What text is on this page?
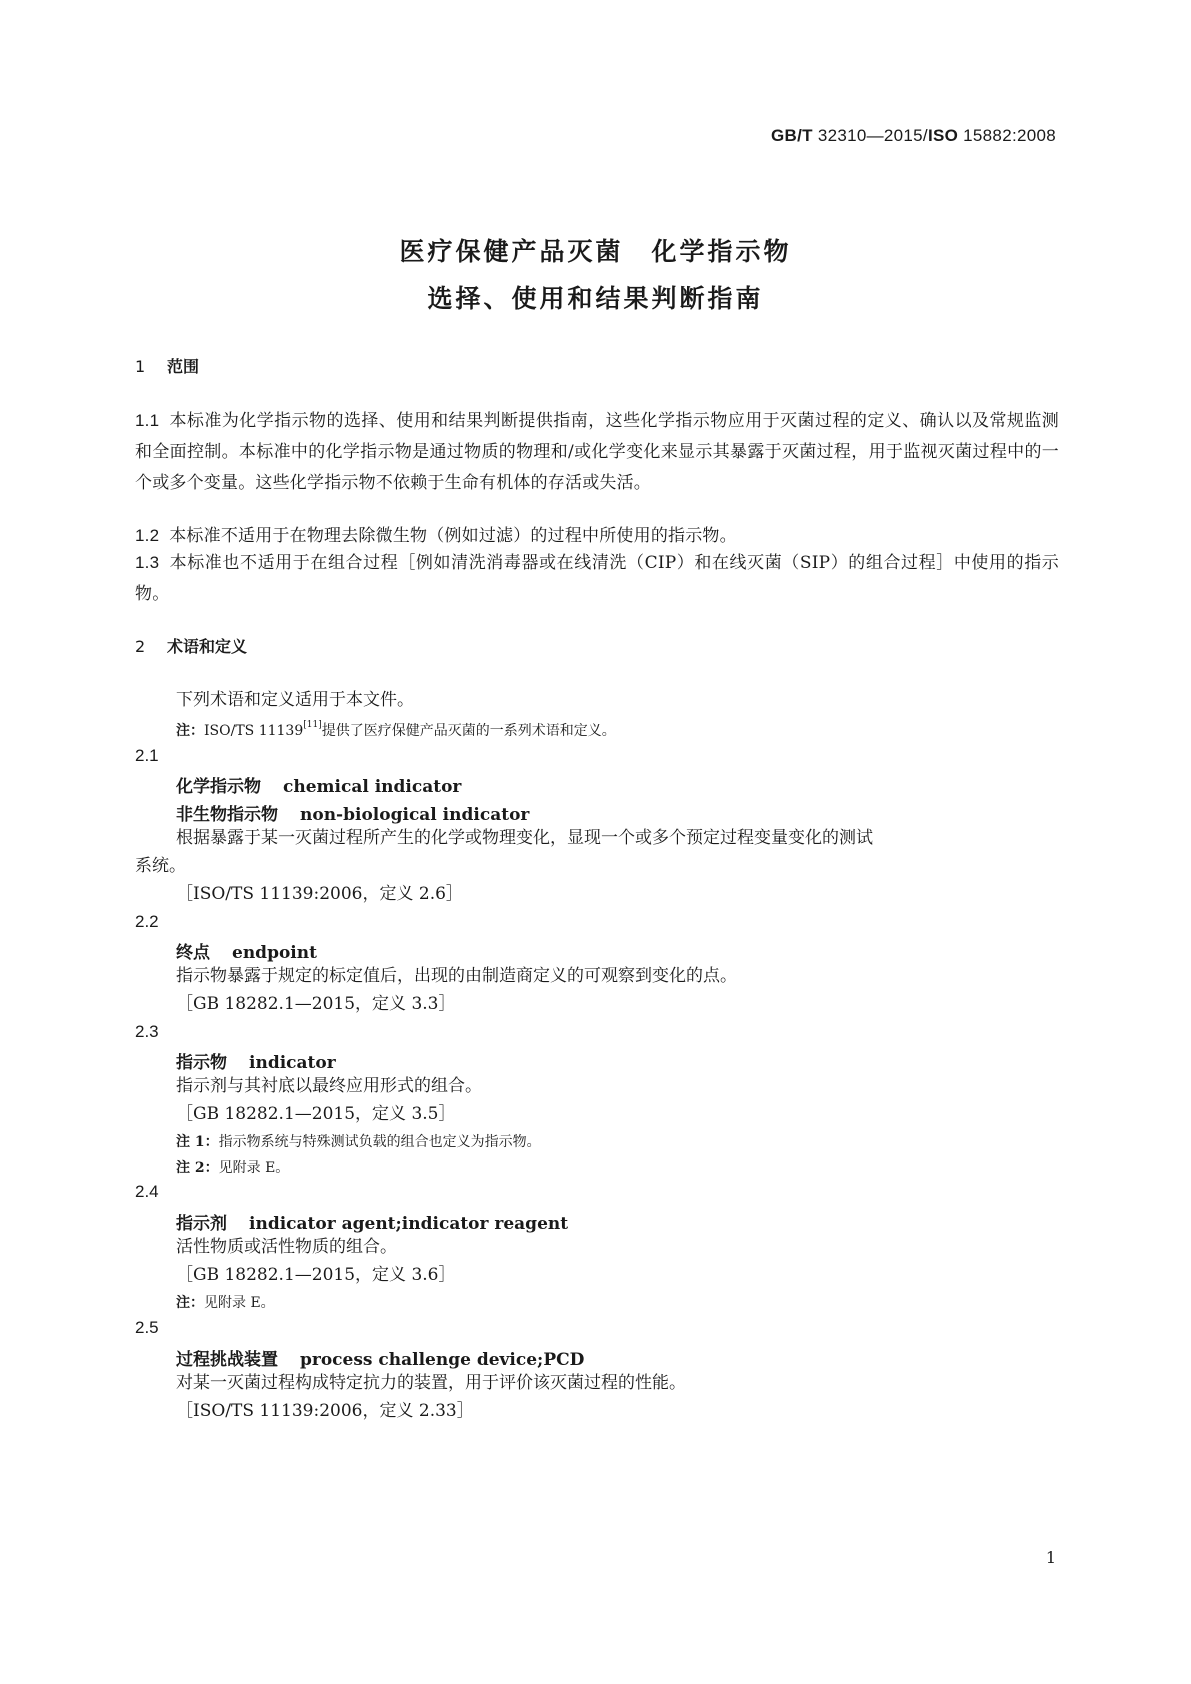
GB/T 32310—2015/ISO 15882:2008
医疗保健产品灭菌　化学指示物
选择、使用和结果判断指南
1 范围
1.1 本标准为化学指示物的选择、使用和结果判断提供指南，这些化学指示物应用于灭菌过程的定义、确认以及常规监测和全面控制。本标准中的化学指示物是通过物质的物理和/或化学变化来显示其暴露于灭菌过程，用于监视灭菌过程中的一个或多个变量。这些化学指示物不依赖于生命有机体的存活或失活。
1.2 本标准不适用于在物理去除微生物（例如过滤）的过程中所使用的指示物。
1.3 本标准也不适用于在组合过程［例如清洗消毒器或在线清洗（CIP）和在线灭菌（SIP）的组合过程］中使用的指示物。
2 术语和定义
下列术语和定义适用于本文件。
注：ISO/TS 11139[11]提供了医疗保健产品灭菌的一系列术语和定义。
2.1
化学指示物 chemical indicator
非生物指示物 non-biological indicator
根据暴露于某一灭菌过程所产生的化学或物理变化，显现一个或多个预定过程变量变化的测试
系统。
［ISO/TS 11139:2006，定义 2.6］
2.2
终点 endpoint
指示物暴露于规定的标定值后，出现的由制造商定义的可观察到变化的点。
［GB 18282.1—2015，定义 3.3］
2.3
指示物 indicator
指示剂与其衬底以最终应用形式的组合。
［GB 18282.1—2015，定义 3.5］
注 1：指示物系统与特殊测试负载的组合也定义为指示物。
注 2：见附录 E。
2.4
指示剂 indicator agent;indicator reagent
活性物质或活性物质的组合。
［GB 18282.1—2015，定义 3.6］
注：见附录 E。
2.5
过程挑战装置 process challenge device;PCD
对某一灭菌过程构成特定抗力的装置，用于评价该灭菌过程的性能。
［ISO/TS 11139:2006，定义 2.33］
1
